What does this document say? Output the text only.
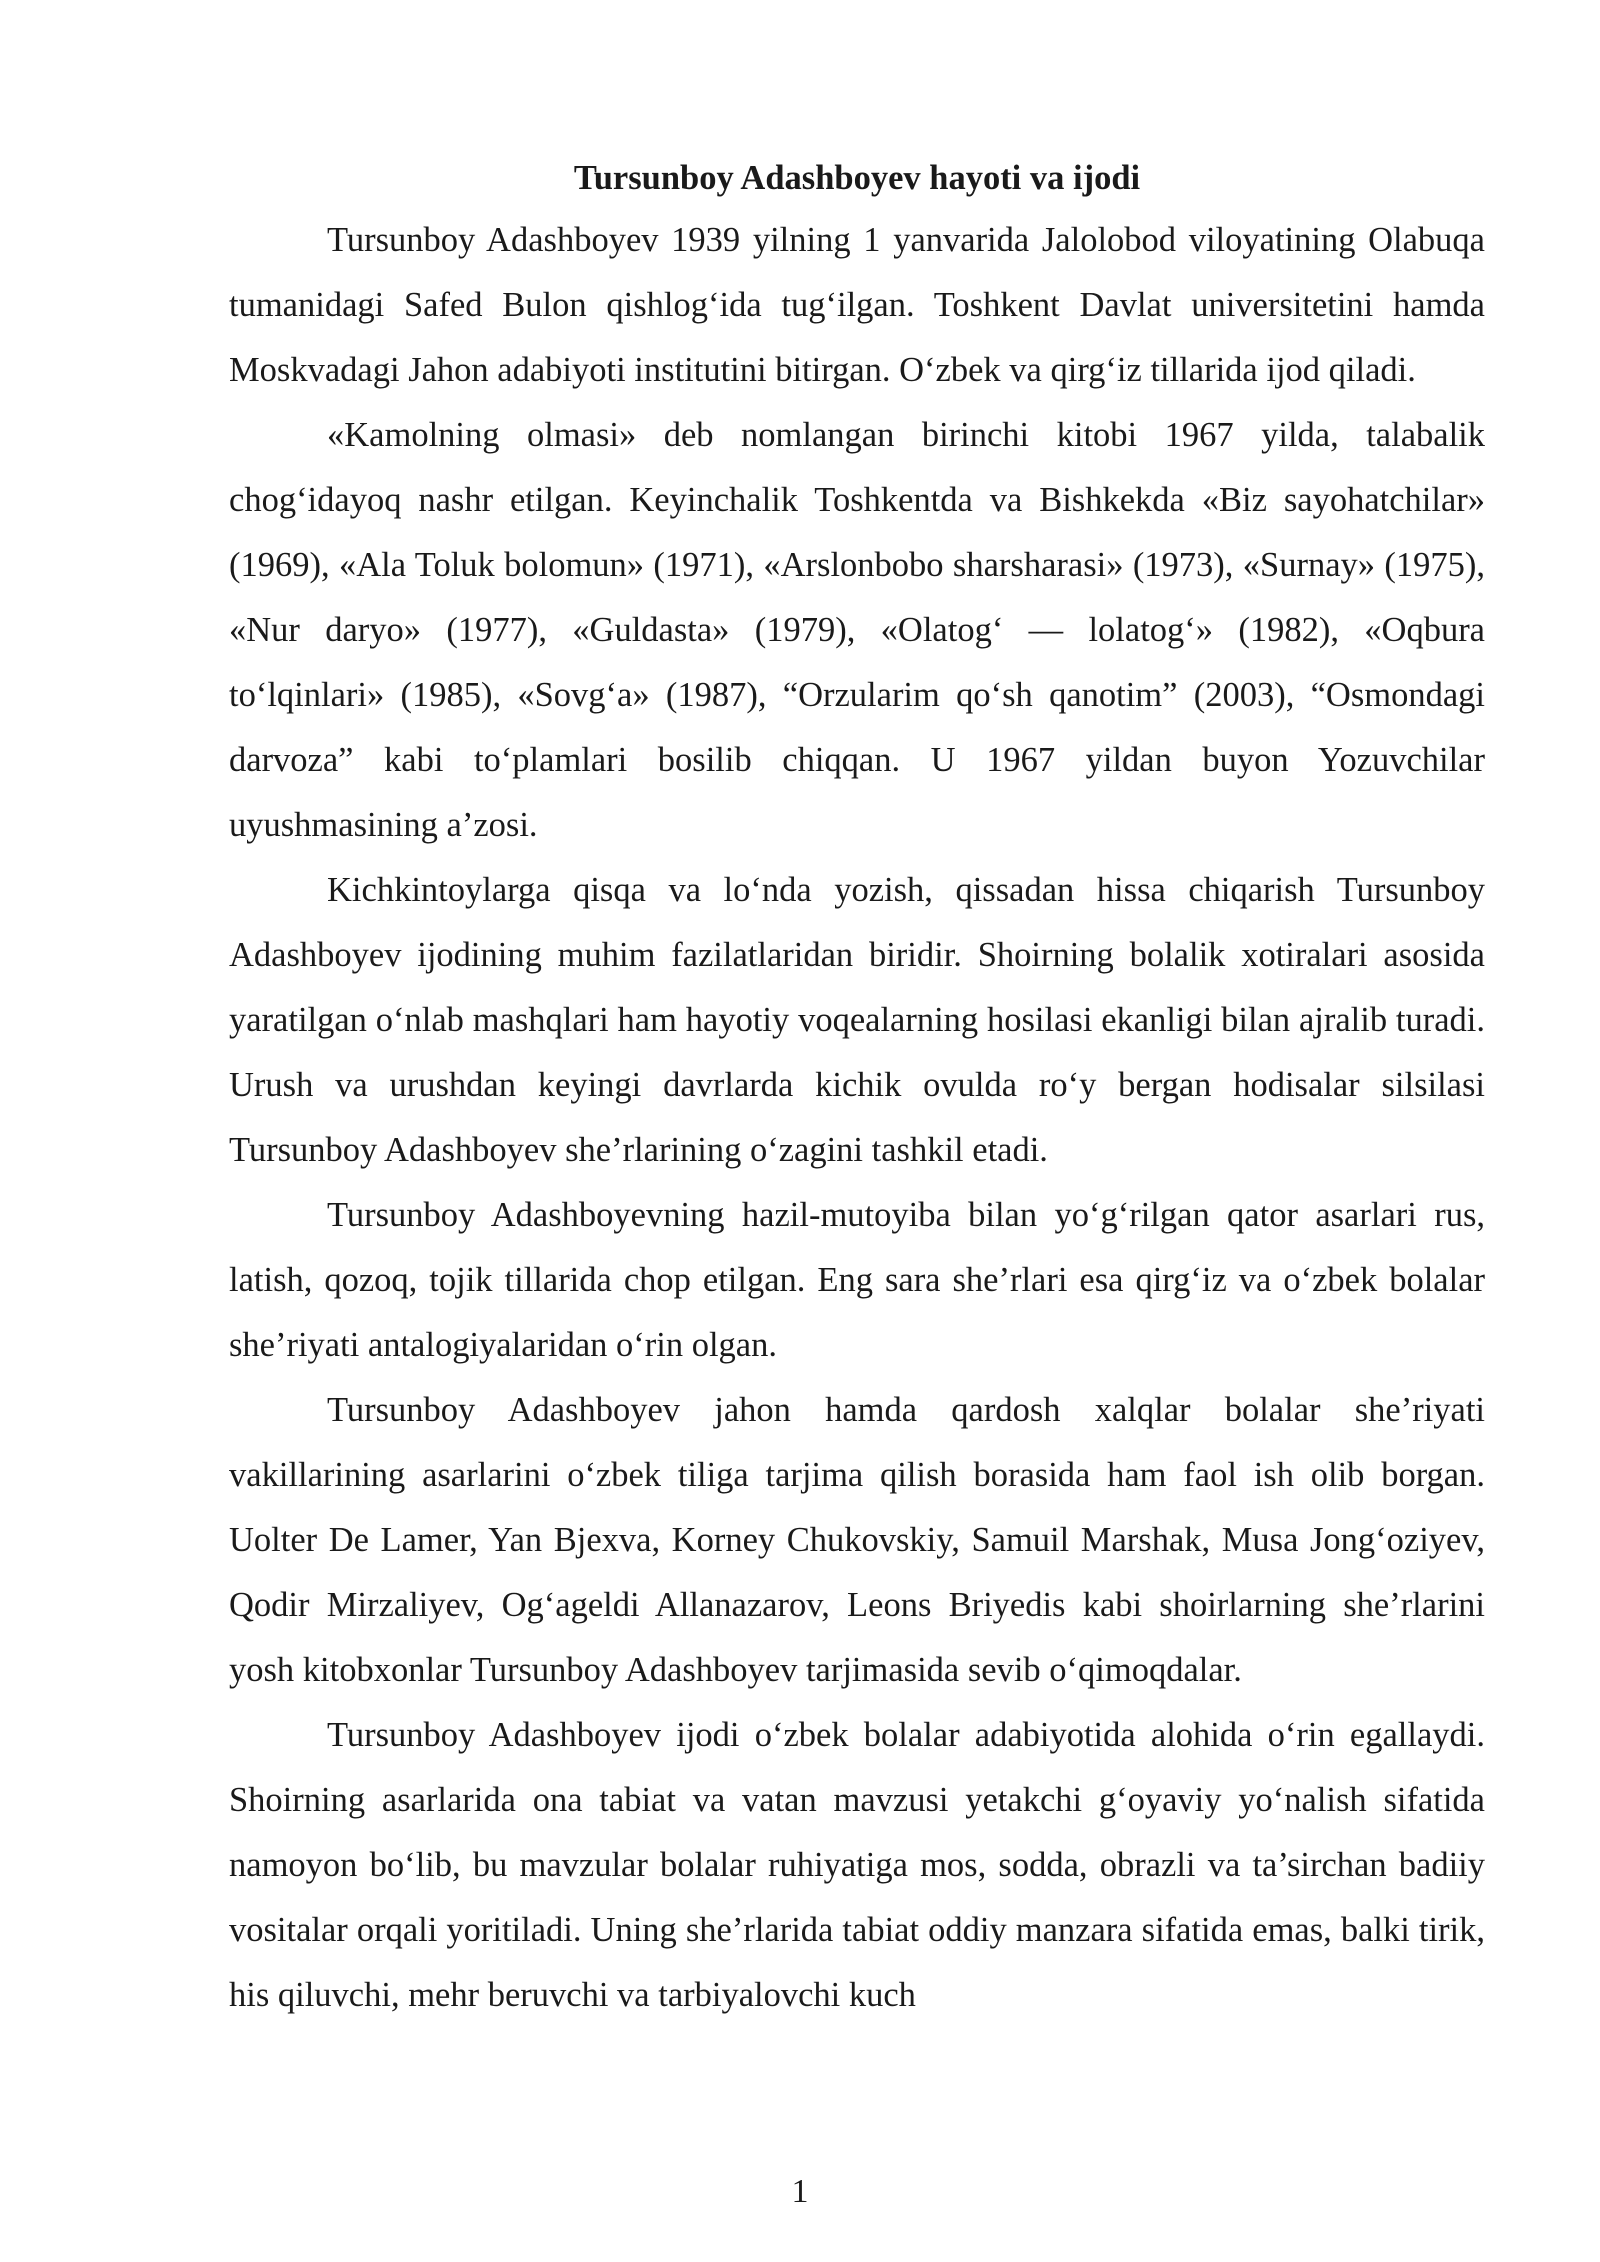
Tursunboy Adashboyev hayoti va ijodi

Tursunboy Adashboyev 1939 yilning 1 yanvarida Jalolobod viloyatining Olabuqa tumanidagi Safed Bulon qishlog‘ida tug‘ilgan. Toshkent Davlat universitetini hamda Moskvadagi Jahon adabiyoti institutini bitirgan. O‘zbek va qirg‘iz tillarida ijod qiladi.

«Kamolning olmasi» deb nomlangan birinchi kitobi 1967 yilda, talabalik chog‘idayoq nashr etilgan. Keyinchalik Toshkentda va Bishkekda «Biz sayohatchilar» (1969), «Ala Toluk bolomun» (1971), «Arslonbobo sharsharasi» (1973), «Surnay» (1975), «Nur daryo» (1977), «Guldasta» (1979), «Olatog‘ — lolatog‘» (1982), «Oqbura to‘lqinlari» (1985), «Sovg‘a» (1987), “Orzularim qo‘sh qanotim” (2003), “Osmondagi darvoza” kabi to‘plamlari bosilib chiqqan. U 1967 yildan buyon Yozuvchilar uyushmasining a’zosi.

Kichkintoylarga qisqa va lo‘nda yozish, qissadan hissa chiqarish Tursunboy Adashboyev ijodining muhim fazilatlaridan biridir. Shoirning bolalik xotiralari asosida yaratilgan o‘nlab mashqlari ham hayotiy voqealarning hosilasi ekanligi bilan ajralib turadi. Urush va urushdan keyingi davrlarda kichik ovulda ro‘y bergan hodisalar silsilasi Tursunboy Adashboyev she’rlarining o‘zagini tashkil etadi.

Tursunboy Adashboyevning hazil-mutoyiba bilan yo‘g‘rilgan qator asarlari rus, latish, qozoq, tojik tillarida chop etilgan. Eng sara she’rlari esa qirg‘iz va o‘zbek bolalar she’riyati antalogiyalaridan o‘rin olgan.

Tursunboy Adashboyev jahon hamda qardosh xalqlar bolalar she’riyati vakillarining asarlarini o‘zbek tiliga tarjima qilish borasida ham faol ish olib borgan. Uolter De Lamer, Yan Bjexva, Korney Chukovskiy, Samuil Marshak, Musa Jong‘oziyev, Qodir Mirzaliyev, Og‘ageldi Allanazarov, Leons Briyedis kabi shoirlarning she’rlarini yosh kitobxonlar Tursunboy Adashboyev tarjimasida sevib o‘qimoqdalar.

Tursunboy Adashboyev ijodi o‘zbek bolalar adabiyotida alohida o‘rin egallaydi. Shoirning asarlarida ona tabiat va vatan mavzusi yetakchi g‘oyaviy yo‘nalish sifatida namoyon bo‘lib, bu mavzular bolalar ruhiyatiga mos, sodda, obrazli va ta’sirchan badiiy vositalar orqali yoritiladi. Uning she’rlarida tabiat oddiy manzara sifatida emas, balki tirik, his qiluvchi, mehr beruvchi va tarbiyalovchi kuch

1
